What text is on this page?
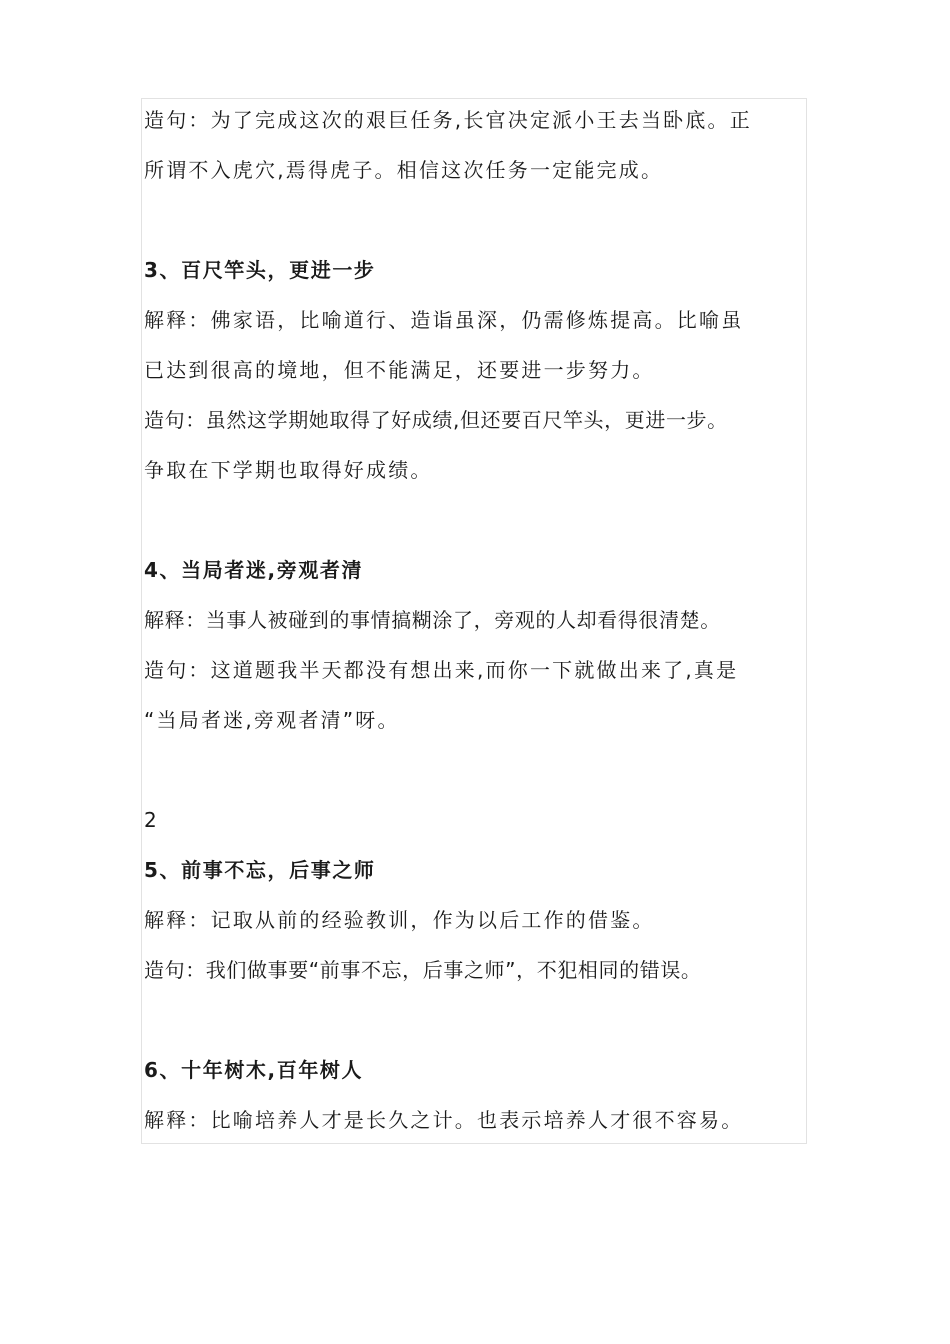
造句：为了完成这次的艰巨任务,长官决定派小王去当卧底。正
所谓不入虎穴,焉得虎子。相信这次任务一定能完成。
3、百尺竿头，更进一步
解释：佛家语，比喻道行、造诣虽深，仍需修炼提高。比喻虽
已达到很高的境地，但不能满足，还要进一步努力。
造句：虽然这学期她取得了好成绩,但还要百尺竿头，更进一步。
争取在下学期也取得好成绩。
4、当局者迷,旁观者清
解释：当事人被碰到的事情搞糊涂了，旁观的人却看得很清楚。
造句：这道题我半天都没有想出来,而你一下就做出来了,真是
“当局者迷,旁观者清”呀。
2
5、前事不忘，后事之师
解释：记取从前的经验教训，作为以后工作的借鉴。
造句：我们做事要“前事不忘，后事之师”，不犯相同的错误。
6、十年树木,百年树人
解释：比喻培养人才是长久之计。也表示培养人才很不容易。
